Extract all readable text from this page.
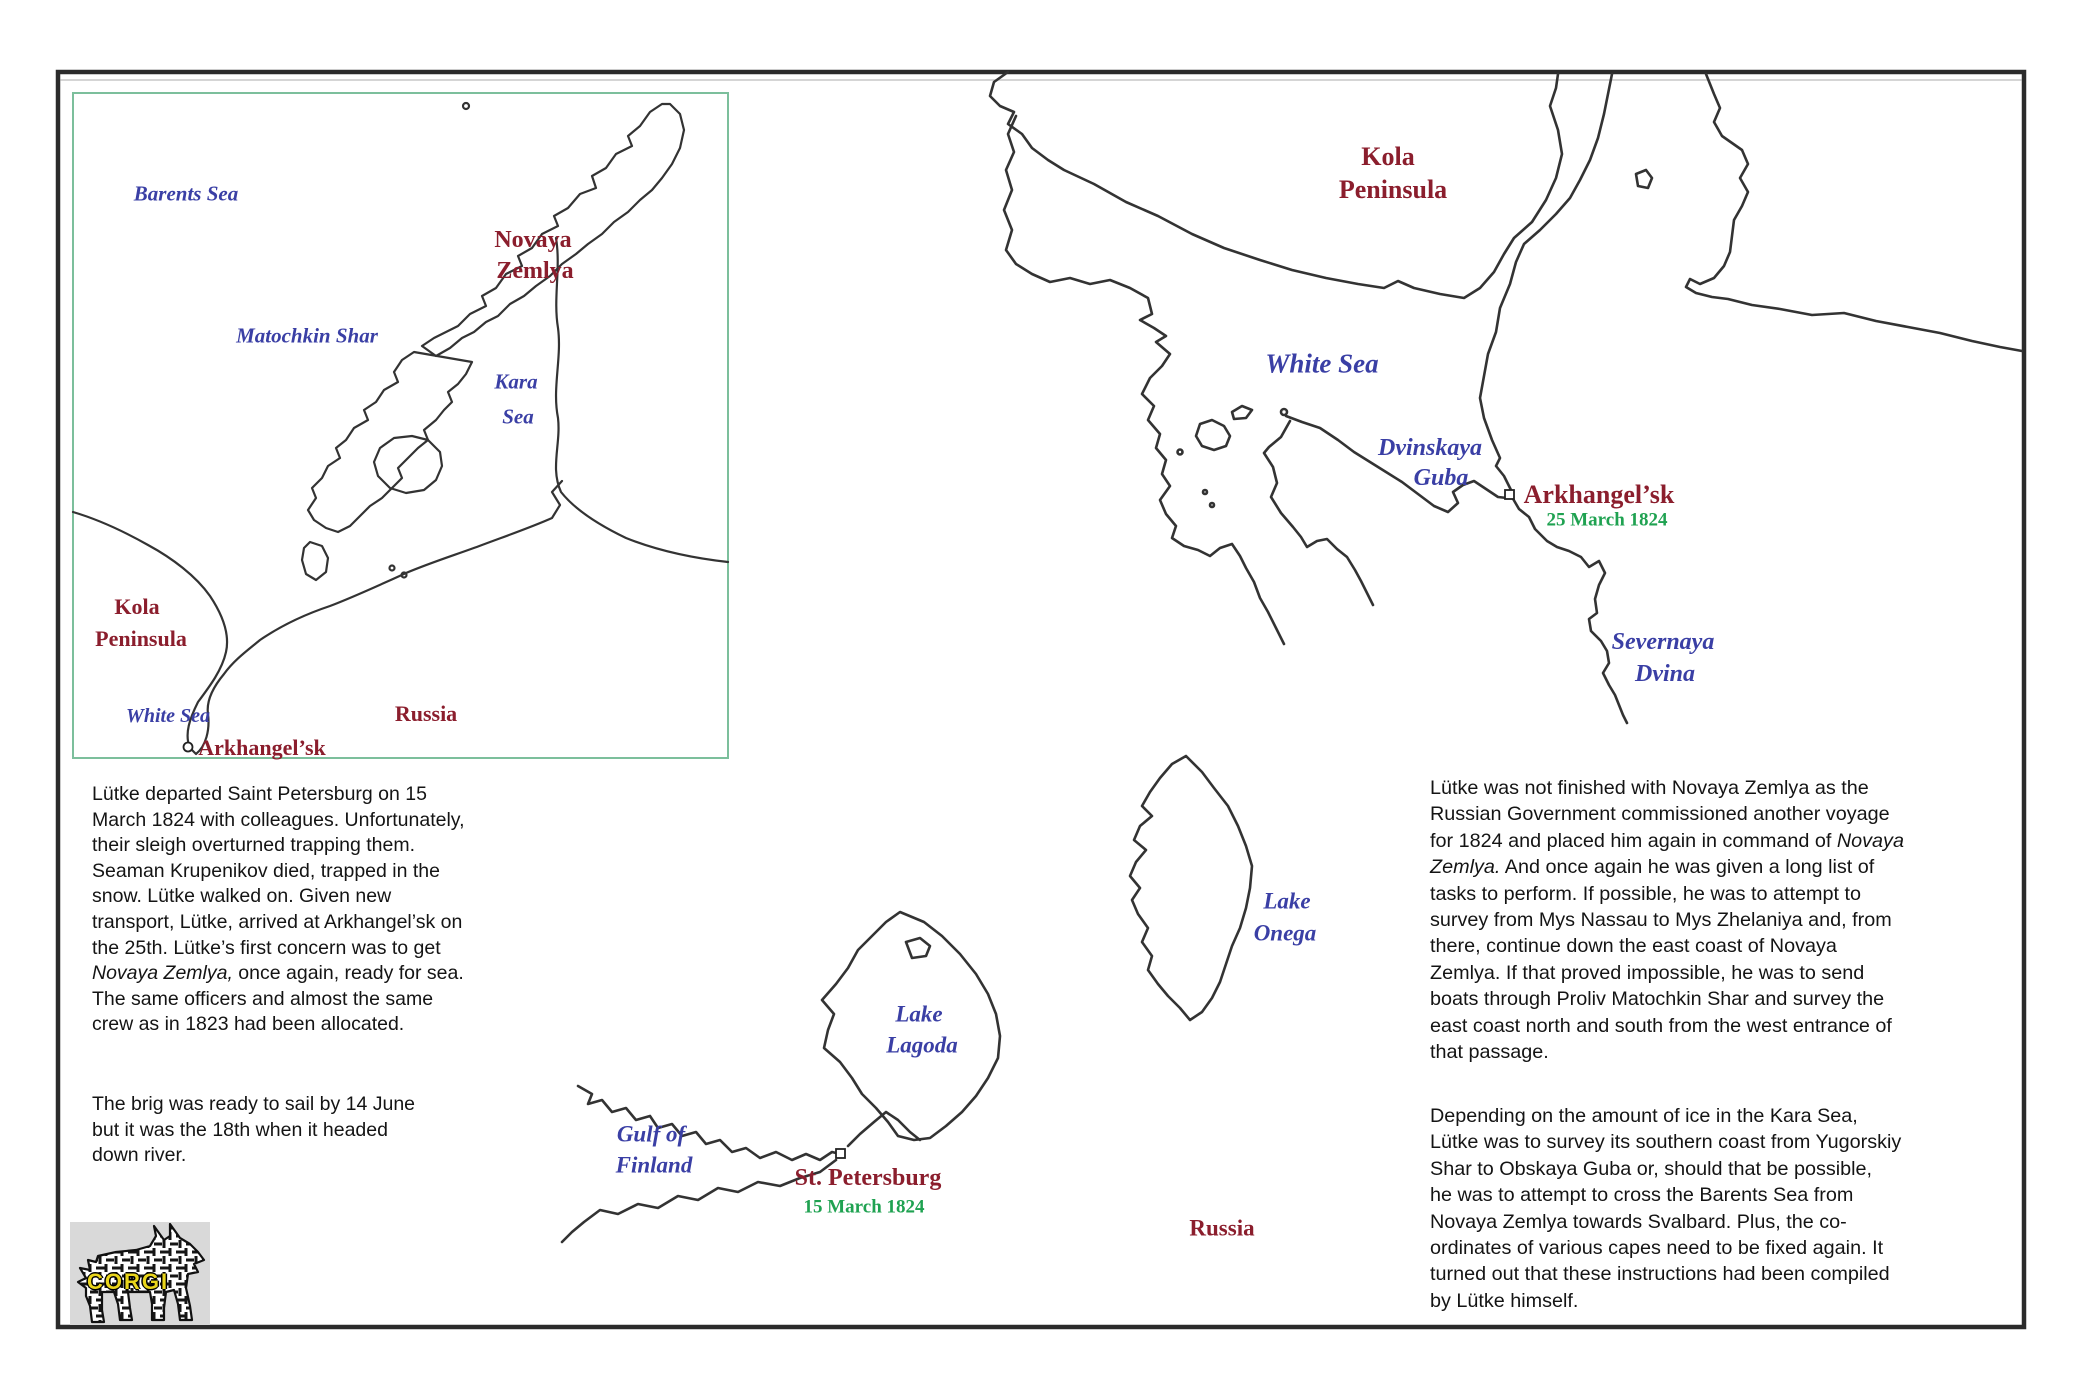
Barents Sea
Novaya
Zemlya
Matochkin Shar
Kara
Sea
Kola
Peninsula
White Sea
Arkhangel’sk
Russia
Kola
Peninsula
White Sea
Dvinskaya
Guba
Arkhangel’sk
25 March 1824
Severnaya
Dvina
Lake
Onega
Lake
Lagoda
Gulf of
Finland	St. Petersburg
15 March 1824
Russia
Lütke departed Saint Petersburg on 15
March 1824 with colleagues. Unfortunately,
their sleigh overturned trapping them.
Seaman Krupenikov died, trapped in the
snow. Lütke walked on. Given new
transport, Lütke, arrived at Arkhangel’sk on
the 25th. Lütke’s first concern was to get
Novaya Zemlya, once again, ready for sea.
The same officers and almost the same
crew as in 1823 had been allocated.
The brig was ready to sail by 14 June
but it was the 18th when it headed
down river.
Lütke was not finished with Novaya Zemlya as the
Russian Government commissioned another voyage
for 1824 and placed him again in command of Novaya
Zemlya. And once again he was given a long list of
tasks to perform. If possible, he was to attempt to
survey from Mys Nassau to Mys Zhelaniya and, from
there, continue down the east coast of Novaya
Zemlya. If that proved impossible, he was to send
boats through Proliv Matochkin Shar and survey the
east coast north and south from the west entrance of
that passage.
Depending on the amount of ice in the Kara Sea,
Lütke was to survey its southern coast from Yugorskiy
Shar to Obskaya Guba or, should that be possible,
he was to attempt to cross the Barents Sea from
Novaya Zemlya towards Svalbard. Plus, the co-
ordinates of various capes need to be fixed again. It
turned out that these instructions had been compiled
by Lütke himself.
CORGI
